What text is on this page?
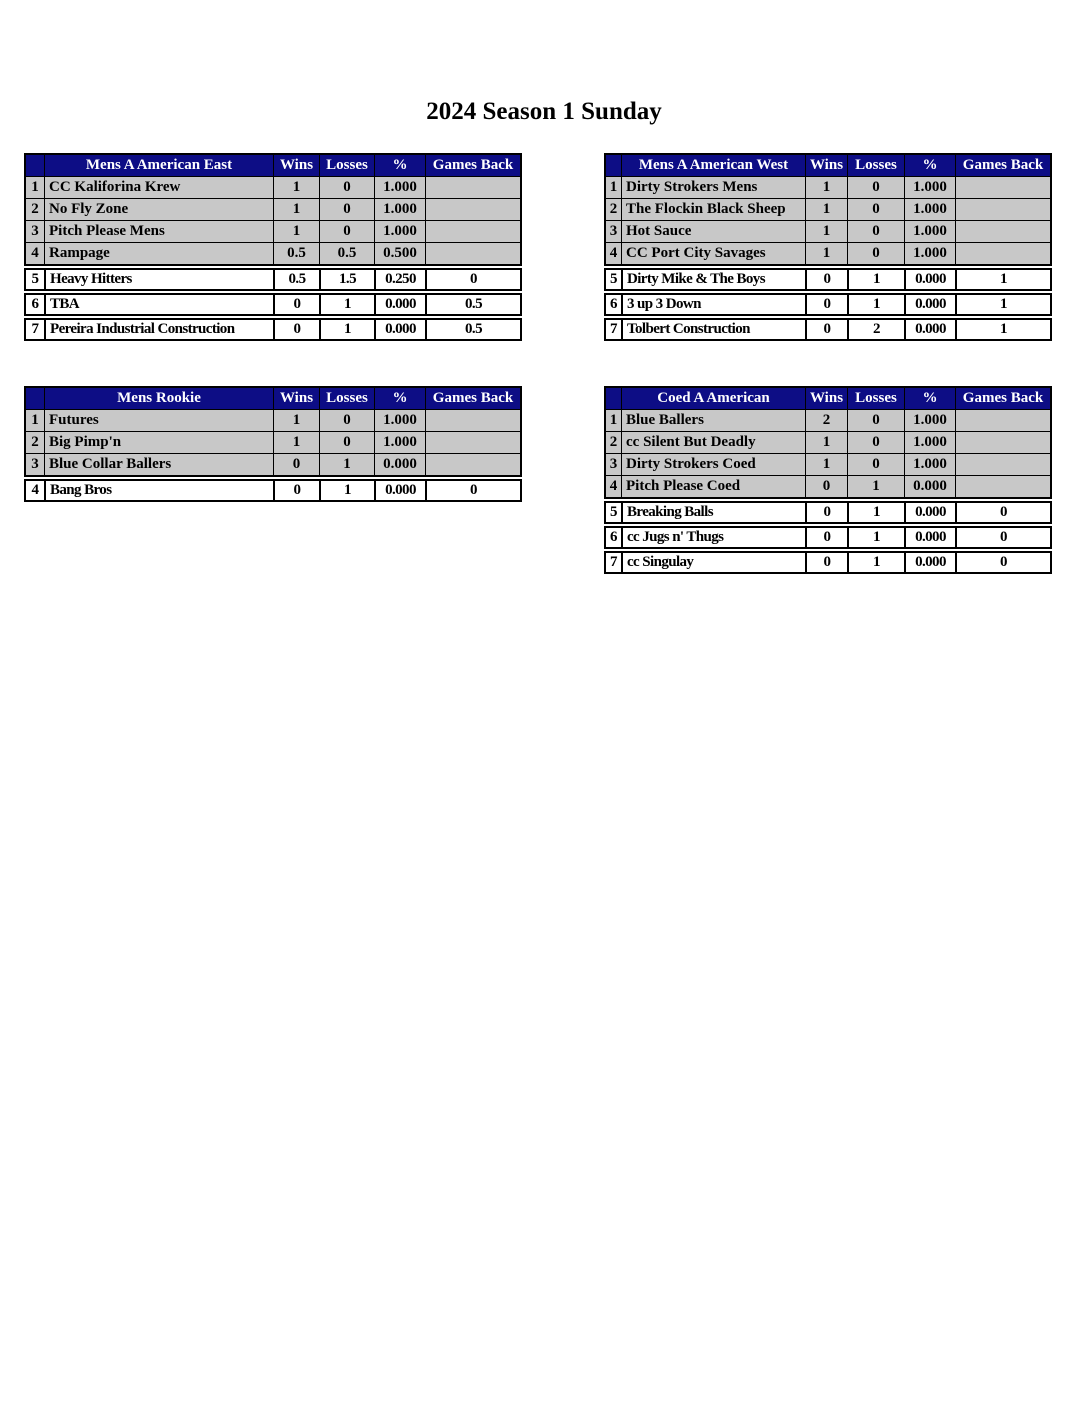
2024 Season 1 Sunday
Mens A American East	Wins Losses	%	Games Back
1 CC Kaliforina Krew	1	0	1.000
2 No Fly Zone	1	0	1.000
3 Pitch Please Mens	1	0	1.000
4 Rampage	0.5	0.5	0.500
5 Heavy Hitters	0.5	1.5	0.250	0
6 TBA	0	1	0.000	0.5
7 Pereira Industrial Construction	0	1	0.000	0.5
Mens A American West	Wins Losses	%	Games Back
1 Dirty Strokers Mens	1	0	1.000
2 The Flockin Black Sheep	1	0	1.000
3 Hot Sauce	1	0	1.000
4 CC Port City Savages	1	0	1.000
5 Dirty Mike & The Boys	0	1	0.000	1
6 3 up 3 Down	0	1	0.000	1
7 Tolbert Construction	0	2	0.000	1
Mens Rookie	Wins Losses	%	Games Back
1 Futures	1	0	1.000
2 Big Pimp'n	1	0	1.000
3 Blue Collar Ballers	0	1	0.000
4 Bang Bros	0	1	0.000	0
Coed A American	Wins Losses	%	Games Back
1 Blue Ballers	2	0	1.000
2 cc Silent But Deadly	1	0	1.000
3 Dirty Strokers Coed	1	0	1.000
4 Pitch Please Coed	0	1	0.000
5 Breaking Balls	0	1	0.000	0
6 cc Jugs n' Thugs	0	1	0.000	0
7 cc Singulay	0	1	0.000	0
